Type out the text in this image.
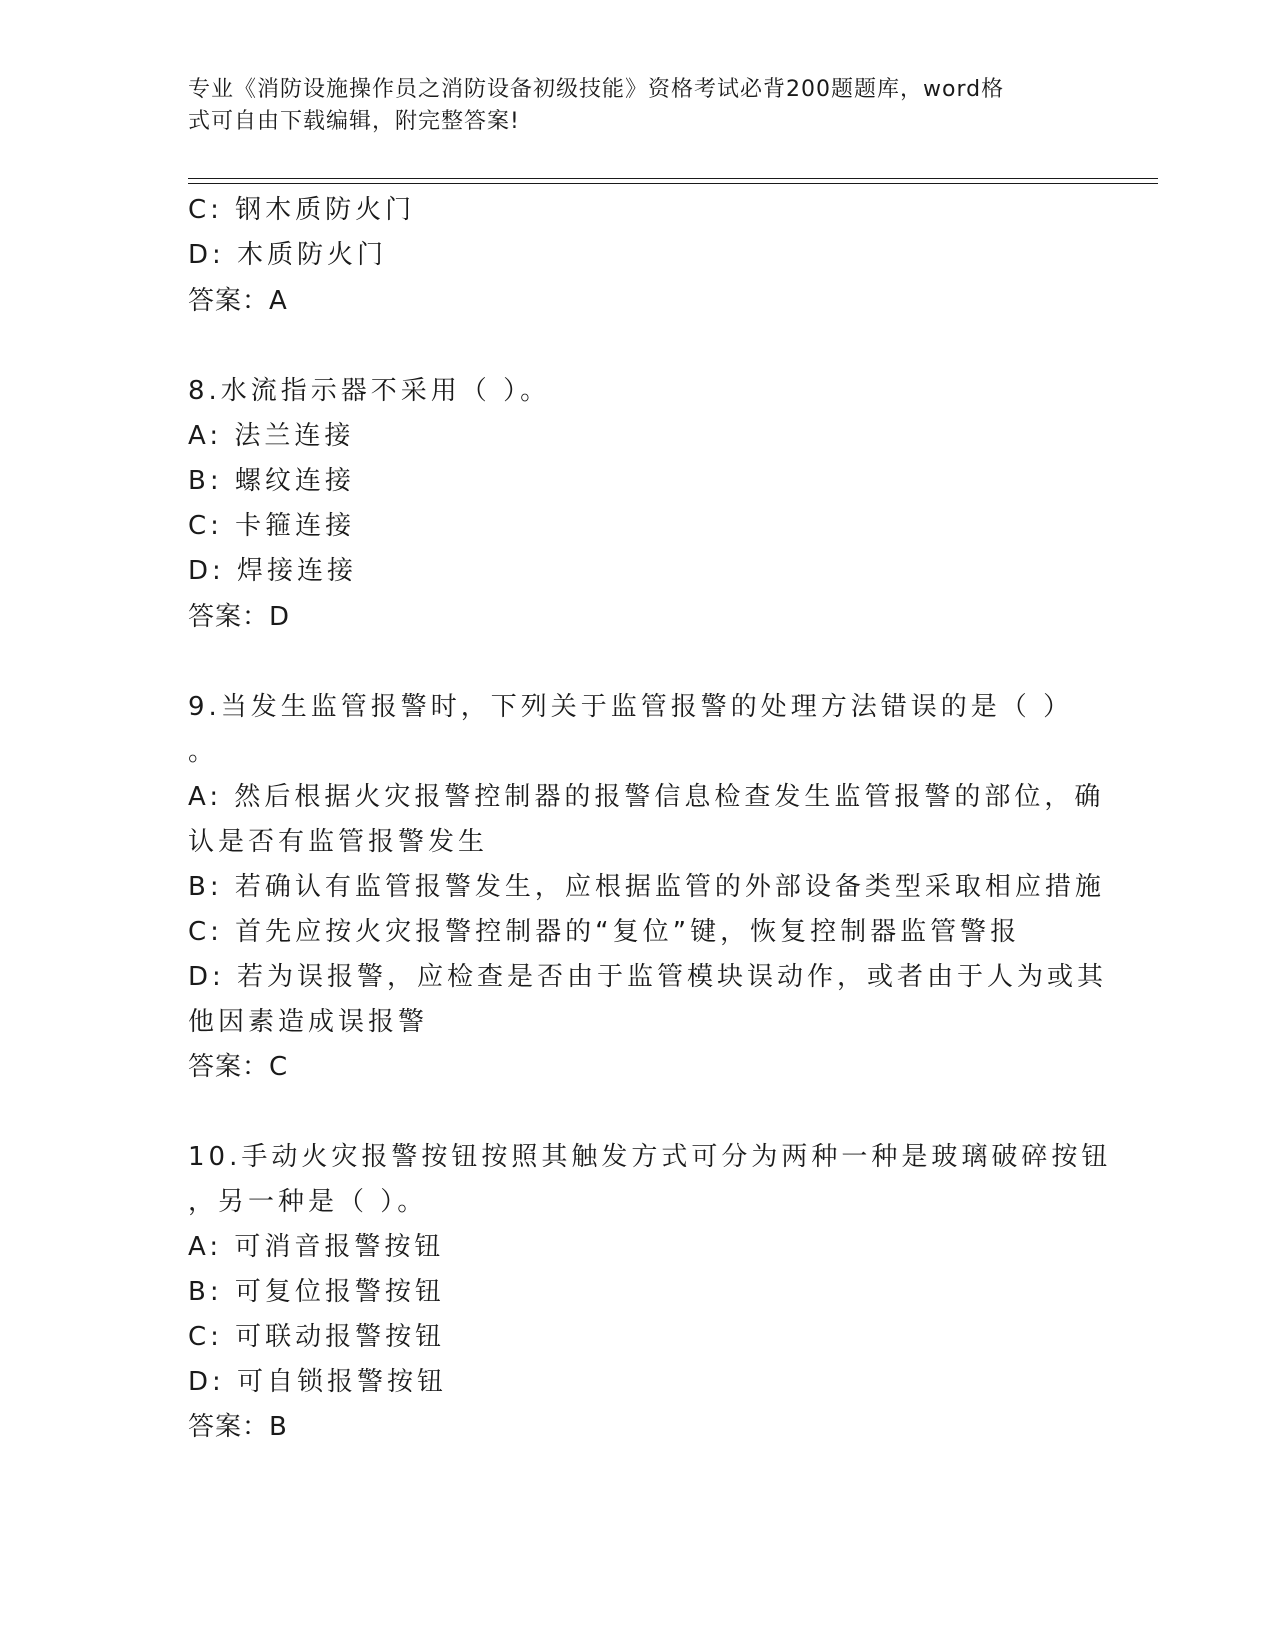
专业《消防设施操作员之消防设备初级技能》资格考试必背200题题库，word格
式可自由下载编辑，附完整答案!
C: 钢木质防火门
D: 木质防火门
答案：A
8.水流指示器不采用（ ）。
A: 法兰连接
B: 螺纹连接
C: 卡箍连接
D: 焊接连接
答案：D
9.当发生监管报警时，下列关于监管报警的处理方法错误的是（ ）
。
A: 然后根据火灾报警控制器的报警信息检查发生监管报警的部位，确
认是否有监管报警发生
B: 若确认有监管报警发生，应根据监管的外部设备类型采取相应措施
C: 首先应按火灾报警控制器的“复位”键，恢复控制器监管警报
D: 若为误报警，应检查是否由于监管模块误动作，或者由于人为或其
他因素造成误报警
答案：C
10.手动火灾报警按钮按照其触发方式可分为两种一种是玻璃破碎按钮
，另一种是（ ）。
A: 可消音报警按钮
B: 可复位报警按钮
C: 可联动报警按钮
D: 可自锁报警按钮
答案：B
